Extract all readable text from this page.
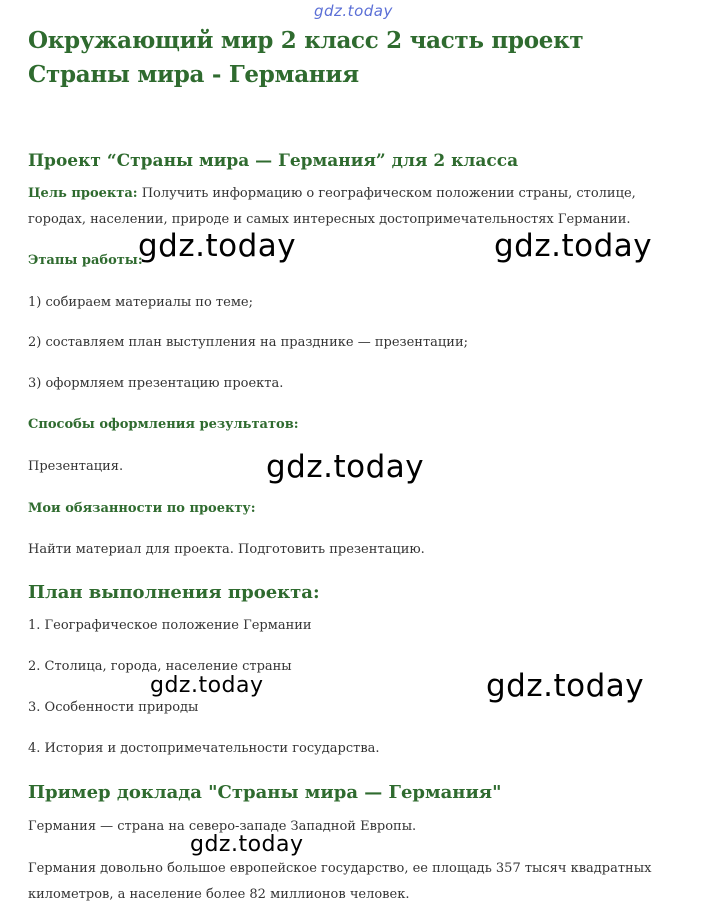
gdz.today
Окружающий мир 2 класс 2 часть проект Страны мира - Германия
Проект “Страны мира — Германия” для 2 класса

Цель проекта: Получить информацию о географическом положении страны, столице, городах, населении, природе и самых интересных достопримечательностях Германии.

Этапы работы:
1) собираем материалы по теме;
2) составляем план выступления на празднике — презентации;
3) оформляем презентацию проекта.
Способы оформления результатов:
Презентация.
Мои обязанности по проекту:
Найти материал для проекта. Подготовить презентацию.
План выполнения проекта:
1. Географическое положение Германии
2. Столица, города, население страны
3. Особенности природы
4. История и достопримечательности государства.
Пример доклада "Страны мира — Германия"

Германия — страна на северо-западе Западной Европы.

Германия довольно большое европейское государство, ее площадь 357 тысяч квадратных километров, а население более 82 миллионов человек.

gdz.today	gdz.today
gdz.today
gdz.today	gdz.today
gdz.today
